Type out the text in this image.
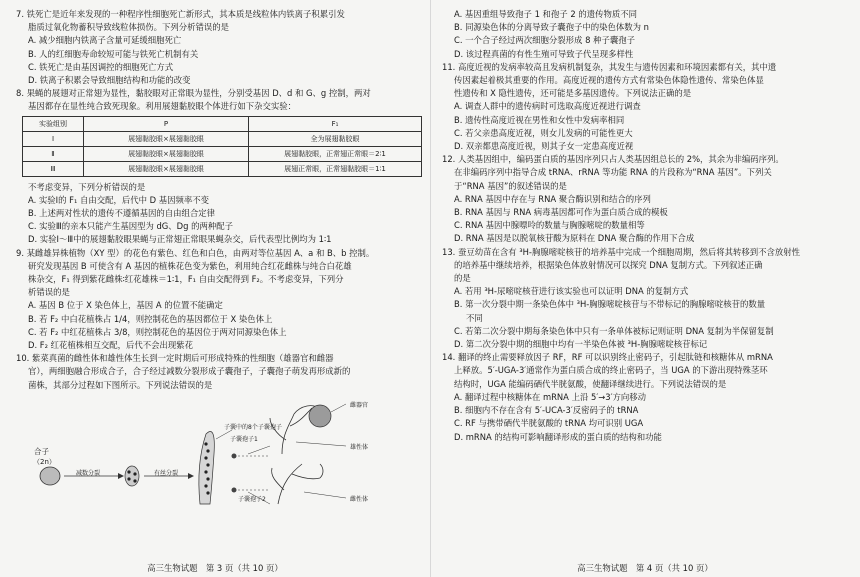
7. 铁死亡是近年来发现的一种程序性细胞死亡新形式，其本质是线粒体内铁离子积累引发

脂质过氧化物蓄积导致线粒体损伤。下列分析错误的是

A. 减少细胞内铁离子含量可延缓细胞死亡

B. 人的红细胞寿命较短可能与铁死亡机制有关

C. 铁死亡是由基因调控的细胞死亡方式

D. 铁离子积累会导致细胞结构和功能的改变

8. 果蝇的展翅对正常翅为显性，黏胶眼对正常眼为显性，分别受基因 D、d 和 G、g 控制，两对

基因都存在显性纯合致死现象。利用展翅黏胶眼个体进行如下杂交实验：

实验组别	P	F₁
Ⅰ	展翅黏胶眼×展翅黏胶眼	全为展翅黏胶眼
Ⅱ	展翅黏胶眼×展翅黏胶眼	展翅黏胶眼，正常翅正常眼＝2∶1
Ⅲ	展翅黏胶眼×展翅黏胶眼	展翅正常眼，正常翅黏胶眼＝1∶1

不考虑变异，下列分析错误的是

A. 实验Ⅰ的 F₁ 自由交配，后代中 D 基因频率不变

B. 上述两对性状的遗传不遵循基因的自由组合定律

C. 实验Ⅲ的亲本只能产生基因型为 dG、Dg 的两种配子

D. 实验Ⅰ～Ⅲ中的展翅黏胶眼果蝇与正常翅正常眼果蝇杂交，后代表型比例均为 1∶1

9. 某雌雄异株植物（XY 型）的花色有紫色、红色和白色，由两对等位基因 A、a 和 B、b 控制。

研究发现基因 B 可使含有 A 基因的植株花色变为紫色，利用纯合红花雌株与纯合白花雄

株杂交，F₁ 得到紫花雌株∶红花雄株＝1∶1，F₁ 自由交配得到 F₂。不考虑变异，下列分

析错误的是

A. 基因 B 位于 X 染色体上，基因 A 的位置不能确定

B. 若 F₂ 中白花植株占 1/4，则控制花色的基因都位于 X 染色体上

C. 若 F₂ 中红花植株占 3/8，则控制花色的基因位于两对同源染色体上

D. F₂ 红花植株相互交配，后代不会出现紫花

10. 紫菜真菌的雌性体和雄性体生长到一定时期后可形成特殊的性细胞（雄器官和雌器

官），两细胞融合形成合子，合子经过减数分裂形成子囊孢子，子囊孢子萌发再形成新的

菌株，其部分过程如下图所示。下列说法错误的是

合子
（2n）
减数分裂	有丝分裂
子囊中的8个子囊孢子
子囊孢子1
子囊孢子2
雌器官
雄性体
雌性体
高三生物试题　第 3 页（共 10 页）

A. 基因重组导致孢子 1 和孢子 2 的遗传物质不同

B. 同源染色体的分离导致子囊孢子中的染色体数为 n

C. 一个合子经过两次细胞分裂形成 8 种子囊孢子

D. 该过程真菌的有性生殖可导致子代呈现多样性

11. 高度近视的发病率较高且发病机制复杂，其发生与遗传因素和环境因素都有关，其中遗

传因素起着极其重要的作用。高度近视的遗传方式有常染色体隐性遗传、常染色体显

性遗传和 X 隐性遗传，还可能是多基因遗传。下列说法正确的是

A. 调查人群中的遗传病时可选取高度近视进行调查

B. 遗传性高度近视在男性和女性中发病率相同

C. 若父亲患高度近视，则女儿发病的可能性更大

D. 双亲都患高度近视，则其子女一定患高度近视

12. 人类基因组中，编码蛋白质的基因序列只占人类基因组总长的 2%，其余为非编码序列。

在非编码序列中指导合成 tRNA、rRNA 等功能 RNA 的片段称为“RNA 基因”。下列关

于“RNA 基因”的叙述错误的是

A. RNA 基因中存在与 RNA 聚合酶识别和结合的序列

B. RNA 基因与 RNA 病毒基因都可作为蛋白质合成的模板

C. RNA 基因中腺嘌呤的数量与胸腺嘧啶的数量相等

D. RNA 基因是以脱氧核苷酸为原料在 DNA 聚合酶的作用下合成

13. 蚕豆幼苗在含有 ³H-胸腺嘧啶核苷的培养基中完成一个细胞周期，然后将其转移到不含放射性

的培养基中继续培养，根据染色体放射情况可以探究 DNA 复制方式。下列叙述正确

的是

A. 若用 ³H-尿嘧啶核苷进行该实验也可以证明 DNA 的复制方式

B. 第一次分裂中期一条染色体中 ³H-胸腺嘧啶核苷与不带标记的胸腺嘧啶核苷的数量

不同

C. 若第二次分裂中期每条染色体中只有一条单体被标记则证明 DNA 复制为半保留复制

D. 第二次分裂中期的细胞中均有一半染色体被 ³H-胸腺嘧啶核苷标记

14. 翻译的终止需要释放因子 RF，RF 可以识别终止密码子，引起肽链和核糖体从 mRNA

上释放。5′-UGA-3′通常作为蛋白质合成的终止密码子，当 UGA 的下游出现特殊茎环

结构时，UGA 能编码硒代半胱氨酸，使翻译继续进行。下列说法错误的是

A. 翻译过程中核糖体在 mRNA 上沿 5′→3′方向移动

B. 细胞内不存在含有 5′-UCA-3′反密码子的 tRNA

C. RF 与携带硒代半胱氨酸的 tRNA 均可识别 UGA

D. mRNA 的结构可影响翻译形成的蛋白质的结构和功能

高三生物试题　第 4 页（共 10 页）
